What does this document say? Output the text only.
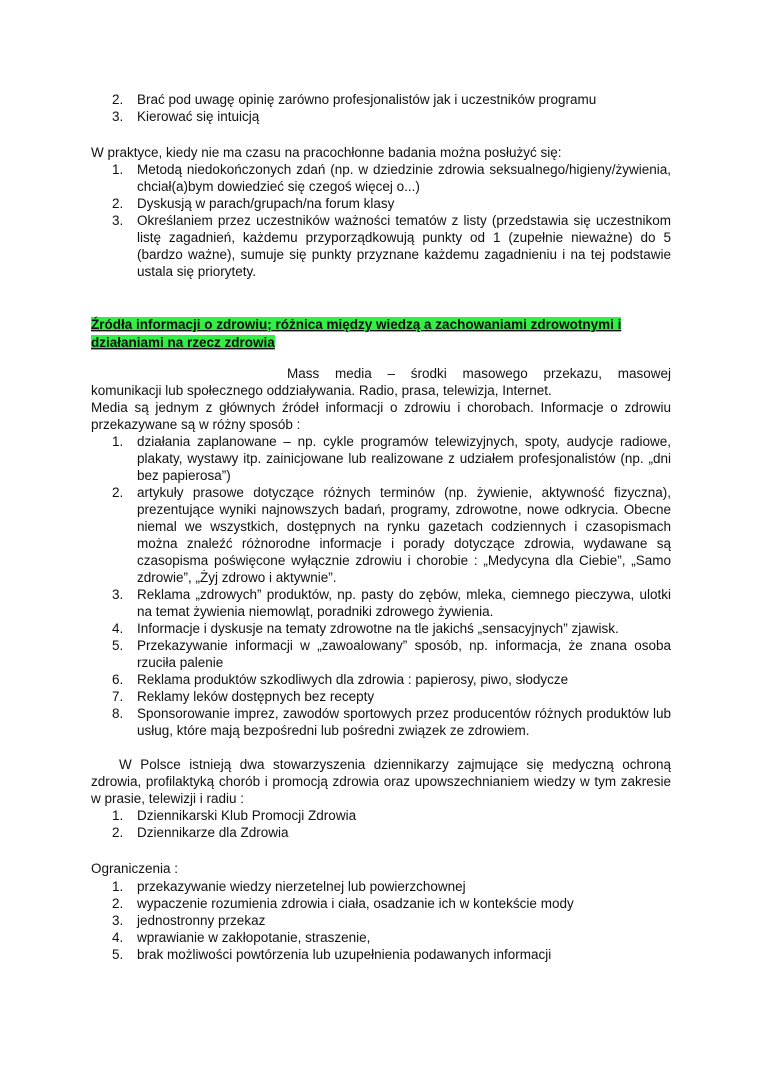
2. Brać pod uwagę opinię zarówno profesjonalistów jak i uczestników programu
3. Kierować się intuicją
W praktyce, kiedy nie ma czasu na pracochłonne badania można posłużyć się:
1. Metodą niedokończonych zdań (np. w dziedzinie zdrowia seksualnego/higieny/żywienia, chciał(a)bym dowiedzieć się czegoś więcej o...)
2. Dyskusją w parach/grupach/na forum klasy
3. Określaniem przez uczestników ważności tematów z listy (przedstawia się uczestnikom listę zagadnień, każdemu przyporządkowują punkty od 1 (zupełnie nieważne) do 5 (bardzo ważne), sumuje się punkty przyznane każdemu zagadnieniu i na tej podstawie ustala się priorytety.
Źródła informacji o zdrowiu; różnica między wiedzą a zachowaniami zdrowotnymi i działaniami na rzecz zdrowia
Mass media – środki masowego przekazu, masowej komunikacji lub społecznego oddziaływania. Radio, prasa, telewizja, Internet.
Media są jednym z głównych źródeł informacji o zdrowiu i chorobach. Informacje o zdrowiu przekazywane są w różny sposób :
1. działania zaplanowane – np. cykle programów telewizyjnych, spoty, audycje radiowe, plakaty, wystawy itp. zainicjowane lub realizowane z udziałem profesjonalistów (np. „dni bez papierosa”)
2. artykuły prasowe dotyczące różnych terminów (np. żywienie, aktywność fizyczna), prezentujące wyniki najnowszych badań, programy, zdrowotne, nowe odkrycia. Obecne niemal we wszystkich, dostępnych na rynku gazetach codziennych i czasopismach można znaleźć różnorodne informacje i porady dotyczące zdrowia, wydawane są czasopisma poświęcone wyłącznie zdrowiu i chorobie : „Medycyna dla Ciebie”, „Samo zdrowie”, „Żyj zdrowo i aktywnie”.
3. Reklama „zdrowych” produktów, np. pasty do zębów, mleka, ciemnego pieczywa, ulotki na temat żywienia niemowląt, poradniki zdrowego żywienia.
4. Informacje i dyskusje na tematy zdrowotne na tle jakichś „sensacyjnych” zjawisk.
5. Przekazywanie informacji w „zawoalowany” sposób, np. informacja, że znana osoba rzuciła palenie
6. Reklama produktów szkodliwych dla zdrowia : papierosy, piwo, słodycze
7. Reklamy leków dostępnych bez recepty
8. Sponsorowanie imprez, zawodów sportowych przez producentów różnych produktów lub usług, które mają bezpośredni lub pośredni związek ze zdrowiem.
W Polsce istnieją dwa stowarzyszenia dziennikarzy zajmujące się medyczną ochroną zdrowia, profilaktyką chorób i promocją zdrowia oraz upowszechnianiem wiedzy w tym zakresie w prasie, telewizji i radiu :
1. Dziennikarski Klub Promocji Zdrowia
2. Dziennikarze dla Zdrowia
Ograniczenia :
1. przekazywanie wiedzy nierzetelnej lub powierzchownej
2. wypaczenie rozumienia zdrowia i ciała, osadzanie ich w kontekście mody
3. jednostronny przekaz
4. wprawianie w zakłopotanie, straszenie,
5. brak możliwości powtórzenia lub uzupełnienia podawanych informacji
